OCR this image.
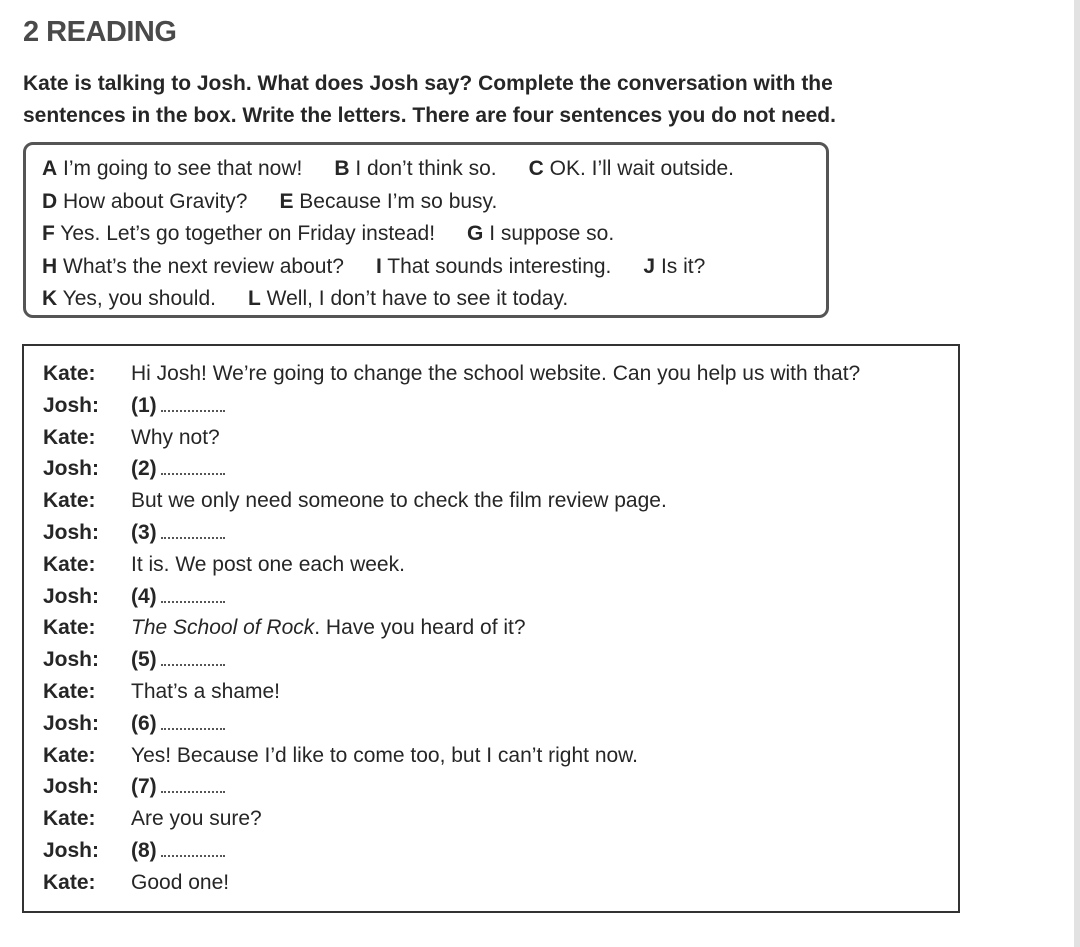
2 READING
Kate is talking to Josh. What does Josh say? Complete the conversation with the
sentences in the box. Write the letters. There are four sentences you do not need.
A I’m going to see that now! B I don’t think so. C OK. I’ll wait outside.
D How about Gravity? E Because I’m so busy.
F Yes. Let’s go together on Friday instead! G I suppose so.
H What’s the next review about? I That sounds interesting. J Is it?
K Yes, you should. L Well, I don’t have to see it today.
Kate: Hi Josh! We’re going to change the school website. Can you help us with that?
Josh: (1)
Kate: Why not?
Josh: (2)
Kate: But we only need someone to check the film review page.
Josh: (3)
Kate: It is. We post one each week.
Josh: (4)
Kate: The School of Rock. Have you heard of it?
Josh: (5)
Kate: That’s a shame!
Josh: (6)
Kate: Yes! Because I’d like to come too, but I can’t right now.
Josh: (7)
Kate: Are you sure?
Josh: (8)
Kate: Good one!
